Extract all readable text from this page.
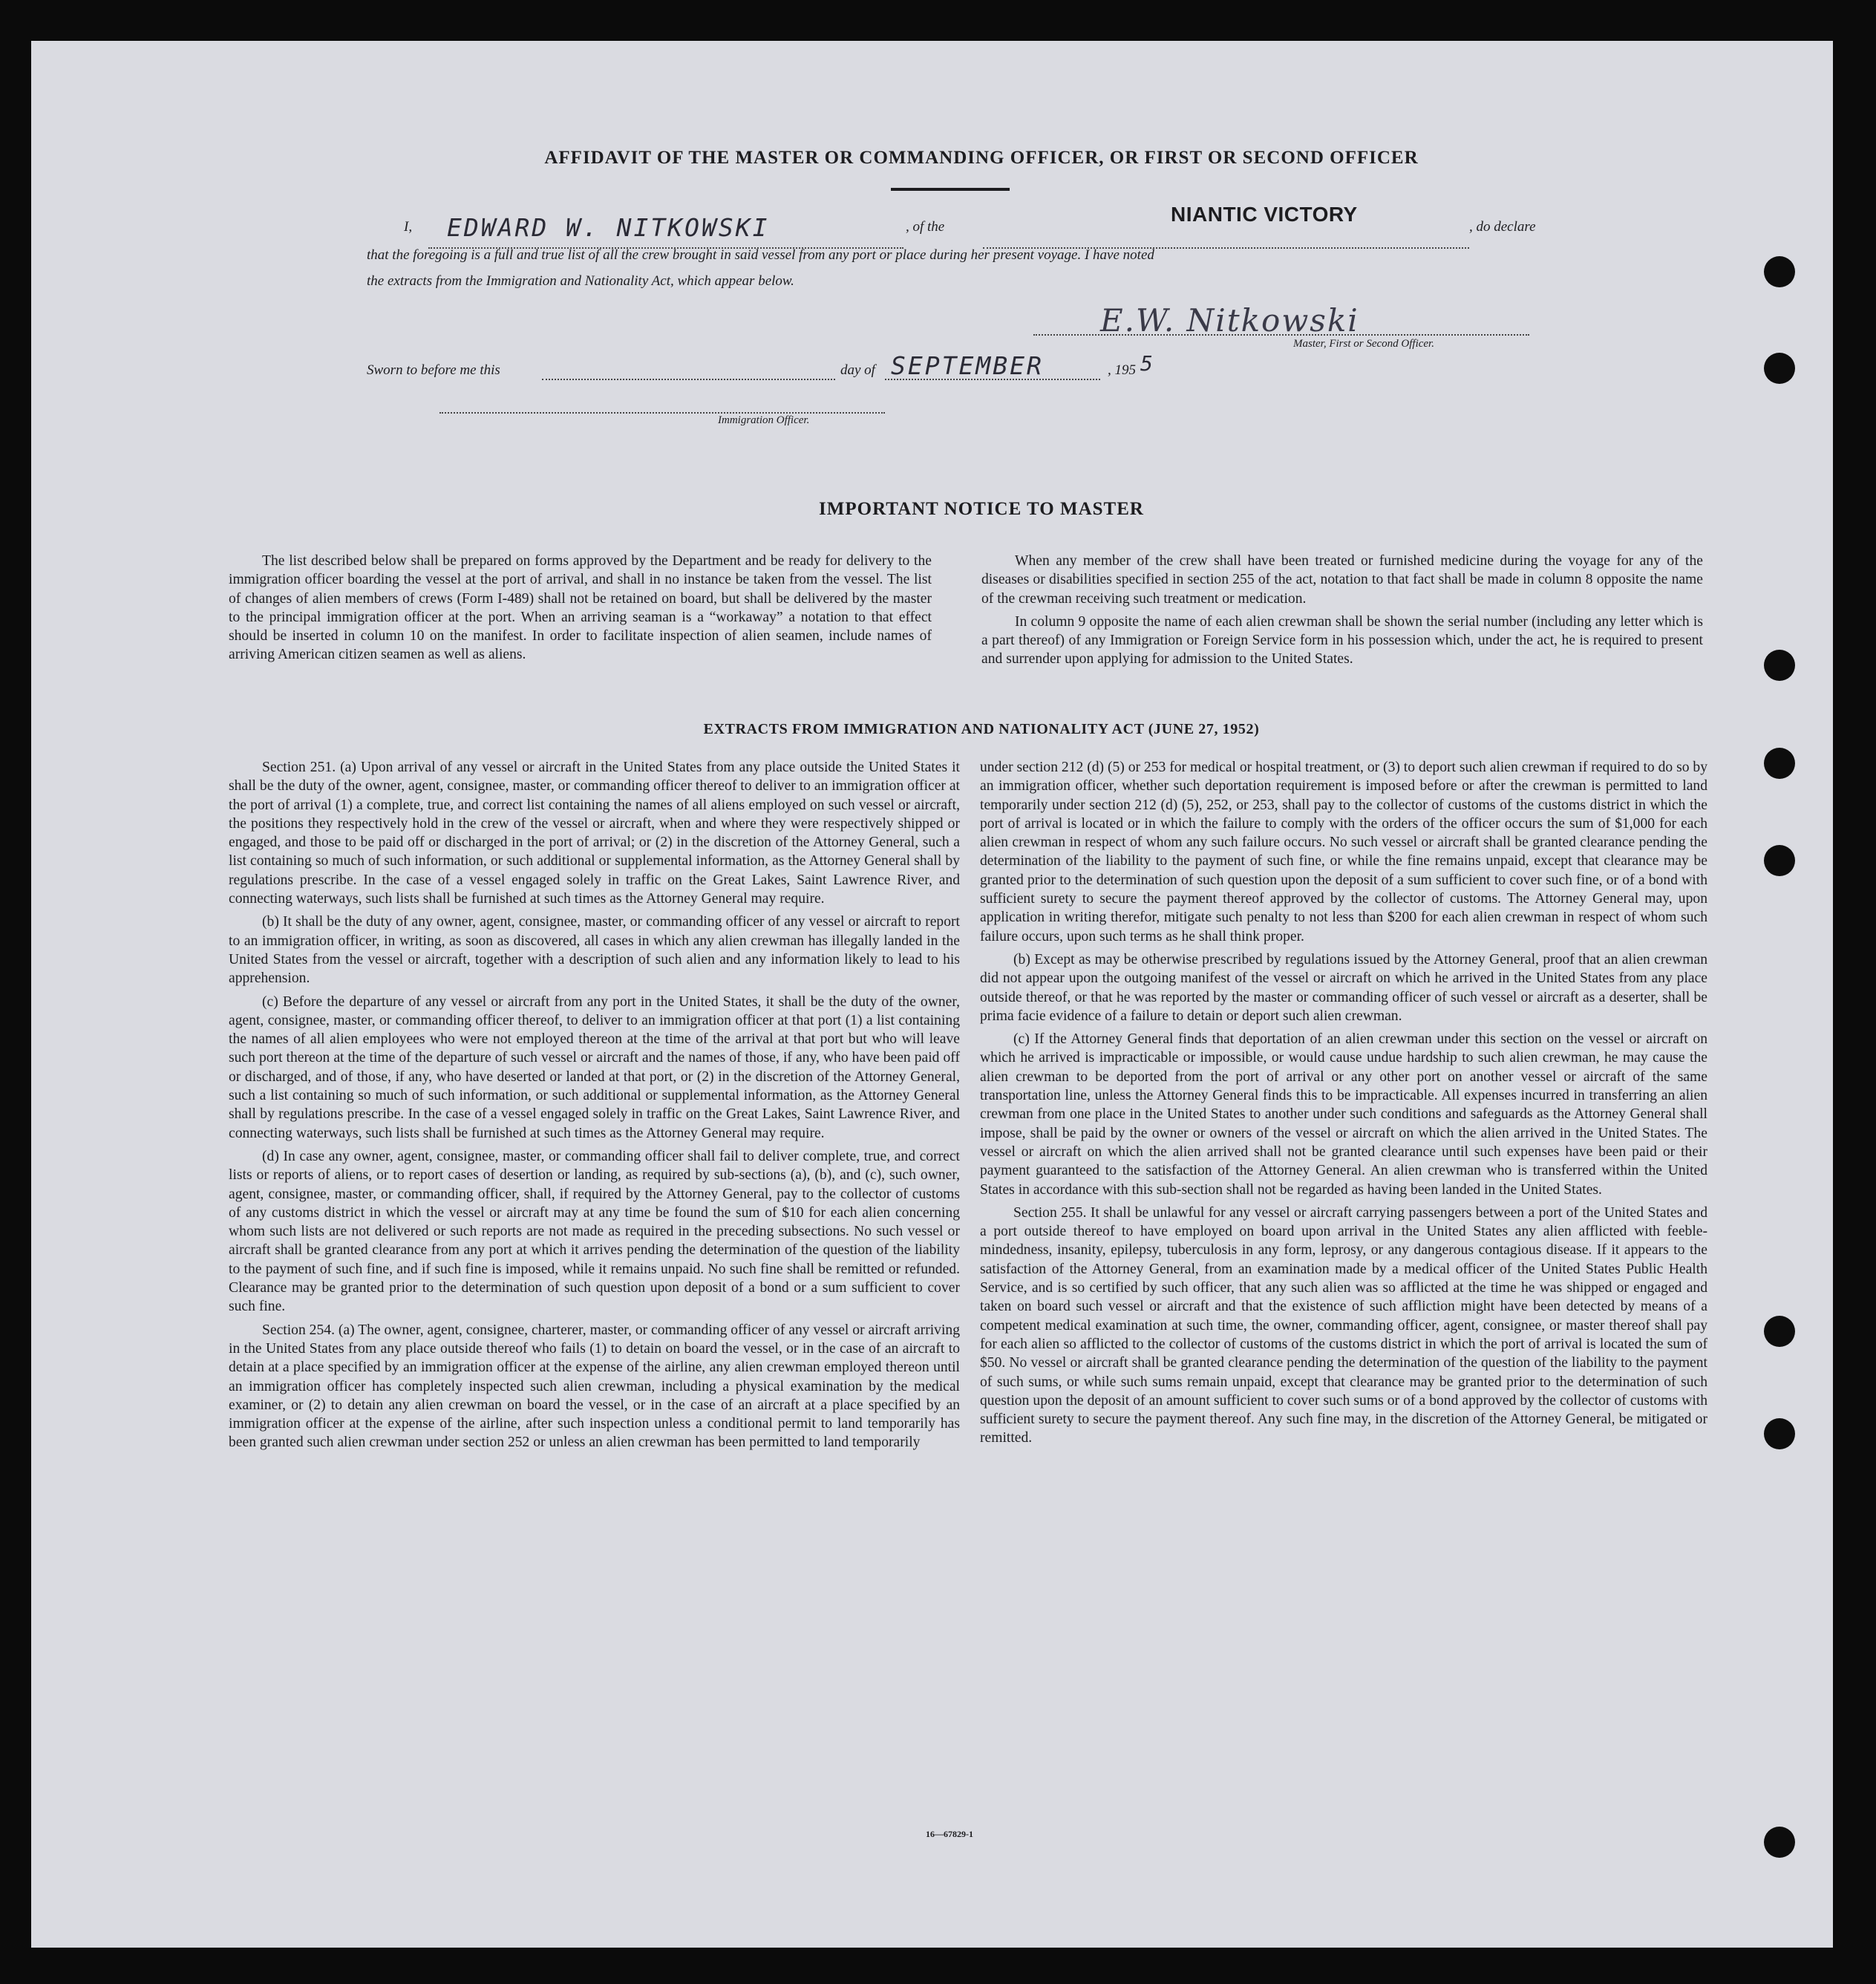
AFFIDAVIT OF THE MASTER OR COMMANDING OFFICER, OR FIRST OR SECOND OFFICER
I, EDWARD W. NITKOWSKI	, of the
NIANTIC VICTORY
, do declare
that the foregoing is a full and true list of all the crew brought in said vessel from any port or place during her present voyage. I have noted
the extracts from the Immigration and Nationality Act, which appear below.
E.W. Nitkowski
Master, First or Second Officer.
Sworn to before me this	day of SEPTEMBER	, 195 5
Immigration Officer.
IMPORTANT NOTICE TO MASTER

The list described below shall be prepared on forms approved by the Department and be ready for delivery to the immigration officer boarding the vessel at the port of arrival, and shall in no instance be taken from the vessel. The list of changes of alien members of crews (Form I-489) shall not be retained on board, but shall be delivered by the master to the principal immigration officer at the port. When an arriving seaman is a “workaway” a notation to that effect should be inserted in column 10 on the manifest. In order to facilitate inspection of alien seamen, include names of arriving American citizen seamen as well as aliens.

When any member of the crew shall have been treated or furnished medicine during the voyage for any of the diseases or disabilities specified in section 255 of the act, notation to that fact shall be made in column 8 opposite the name of the crewman receiving such treatment or medication.

In column 9 opposite the name of each alien crewman shall be shown the serial number (including any letter which is a part thereof) of any Immigration or Foreign Service form in his possession which, under the act, he is required to present and surrender upon applying for admission to the United States.

EXTRACTS FROM IMMIGRATION AND NATIONALITY ACT (JUNE 27, 1952)

Section 251. (a) Upon arrival of any vessel or aircraft in the United States from any place outside the United States it shall be the duty of the owner, agent, consignee, master, or commanding officer thereof to deliver to an immigration officer at the port of arrival (1) a complete, true, and correct list containing the names of all aliens employed on such vessel or aircraft, the positions they respectively hold in the crew of the vessel or aircraft, when and where they were respectively shipped or engaged, and those to be paid off or discharged in the port of arrival; or (2) in the discretion of the Attorney General, such a list containing so much of such information, or such additional or supplemental information, as the Attorney General shall by regulations prescribe. In the case of a vessel engaged solely in traffic on the Great Lakes, Saint Lawrence River, and connecting waterways, such lists shall be furnished at such times as the Attorney General may require.

(b) It shall be the duty of any owner, agent, consignee, master, or commanding officer of any vessel or aircraft to report to an immigration officer, in writing, as soon as discovered, all cases in which any alien crewman has illegally landed in the United States from the vessel or aircraft, together with a description of such alien and any information likely to lead to his apprehension.

(c) Before the departure of any vessel or aircraft from any port in the United States, it shall be the duty of the owner, agent, consignee, master, or commanding officer thereof, to deliver to an immigration officer at that port (1) a list containing the names of all alien employees who were not employed thereon at the time of the arrival at that port but who will leave such port thereon at the time of the departure of such vessel or aircraft and the names of those, if any, who have been paid off or discharged, and of those, if any, who have deserted or landed at that port, or (2) in the discretion of the Attorney General, such a list containing so much of such information, or such additional or supplemental information, as the Attorney General shall by regulations prescribe. In the case of a vessel engaged solely in traffic on the Great Lakes, Saint Lawrence River, and connecting waterways, such lists shall be furnished at such times as the Attorney General may require.

(d) In case any owner, agent, consignee, master, or commanding officer shall fail to deliver complete, true, and correct lists or reports of aliens, or to report cases of desertion or landing, as required by sub-sections (a), (b), and (c), such owner, agent, consignee, master, or commanding officer, shall, if required by the Attorney General, pay to the collector of customs of any customs district in which the vessel or aircraft may at any time be found the sum of $10 for each alien concerning whom such lists are not delivered or such reports are not made as required in the preceding subsections. No such vessel or aircraft shall be granted clearance from any port at which it arrives pending the determination of the question of the liability to the payment of such fine, and if such fine is imposed, while it remains unpaid. No such fine shall be remitted or refunded. Clearance may be granted prior to the determination of such question upon deposit of a bond or a sum sufficient to cover such fine.

Section 254. (a) The owner, agent, consignee, charterer, master, or commanding officer of any vessel or aircraft arriving in the United States from any place outside thereof who fails (1) to detain on board the vessel, or in the case of an aircraft to detain at a place specified by an immigration officer at the expense of the airline, any alien crewman employed thereon until an immigration officer has completely inspected such alien crewman, including a physical examination by the medical examiner, or (2) to detain any alien crewman on board the vessel, or in the case of an aircraft at a place specified by an immigration officer at the expense of the airline, after such inspection unless a conditional permit to land temporarily has been granted such alien crewman under section 252 or unless an alien crewman has been permitted to land temporarily

under section 212 (d) (5) or 253 for medical or hospital treatment, or (3) to deport such alien crewman if required to do so by an immigration officer, whether such deportation requirement is imposed before or after the crewman is permitted to land temporarily under section 212 (d) (5), 252, or 253, shall pay to the collector of customs of the customs district in which the port of arrival is located or in which the failure to comply with the orders of the officer occurs the sum of $1,000 for each alien crewman in respect of whom any such failure occurs. No such vessel or aircraft shall be granted clearance pending the determination of the liability to the payment of such fine, or while the fine remains unpaid, except that clearance may be granted prior to the determination of such question upon the deposit of a sum sufficient to cover such fine, or of a bond with sufficient surety to secure the payment thereof approved by the collector of customs. The Attorney General may, upon application in writing therefor, mitigate such penalty to not less than $200 for each alien crewman in respect of whom such failure occurs, upon such terms as he shall think proper.

(b) Except as may be otherwise prescribed by regulations issued by the Attorney General, proof that an alien crewman did not appear upon the outgoing manifest of the vessel or aircraft on which he arrived in the United States from any place outside thereof, or that he was reported by the master or commanding officer of such vessel or aircraft as a deserter, shall be prima facie evidence of a failure to detain or deport such alien crewman.

(c) If the Attorney General finds that deportation of an alien crewman under this section on the vessel or aircraft on which he arrived is impracticable or impossible, or would cause undue hardship to such alien crewman, he may cause the alien crewman to be deported from the port of arrival or any other port on another vessel or aircraft of the same transportation line, unless the Attorney General finds this to be impracticable. All expenses incurred in transferring an alien crewman from one place in the United States to another under such conditions and safeguards as the Attorney General shall impose, shall be paid by the owner or owners of the vessel or aircraft on which the alien arrived in the United States. The vessel or aircraft on which the alien arrived shall not be granted clearance until such expenses have been paid or their payment guaranteed to the satisfaction of the Attorney General. An alien crewman who is transferred within the United States in accordance with this sub-section shall not be regarded as having been landed in the United States.

Section 255. It shall be unlawful for any vessel or aircraft carrying passengers between a port of the United States and a port outside thereof to have employed on board upon arrival in the United States any alien afflicted with feeble-mindedness, insanity, epilepsy, tuberculosis in any form, leprosy, or any dangerous contagious disease. If it appears to the satisfaction of the Attorney General, from an examination made by a medical officer of the United States Public Health Service, and is so certified by such officer, that any such alien was so afflicted at the time he was shipped or engaged and taken on board such vessel or aircraft and that the existence of such affliction might have been detected by means of a competent medical examination at such time, the owner, commanding officer, agent, consignee, or master thereof shall pay for each alien so afflicted to the collector of customs of the customs district in which the port of arrival is located the sum of $50. No vessel or aircraft shall be granted clearance pending the determination of the question of the liability to the payment of such sums, or while such sums remain unpaid, except that clearance may be granted prior to the determination of such question upon the deposit of an amount sufficient to cover such sums or of a bond approved by the collector of customs with sufficient surety to secure the payment thereof. Any such fine may, in the discretion of the Attorney General, be mitigated or remitted.

16—67829-1
